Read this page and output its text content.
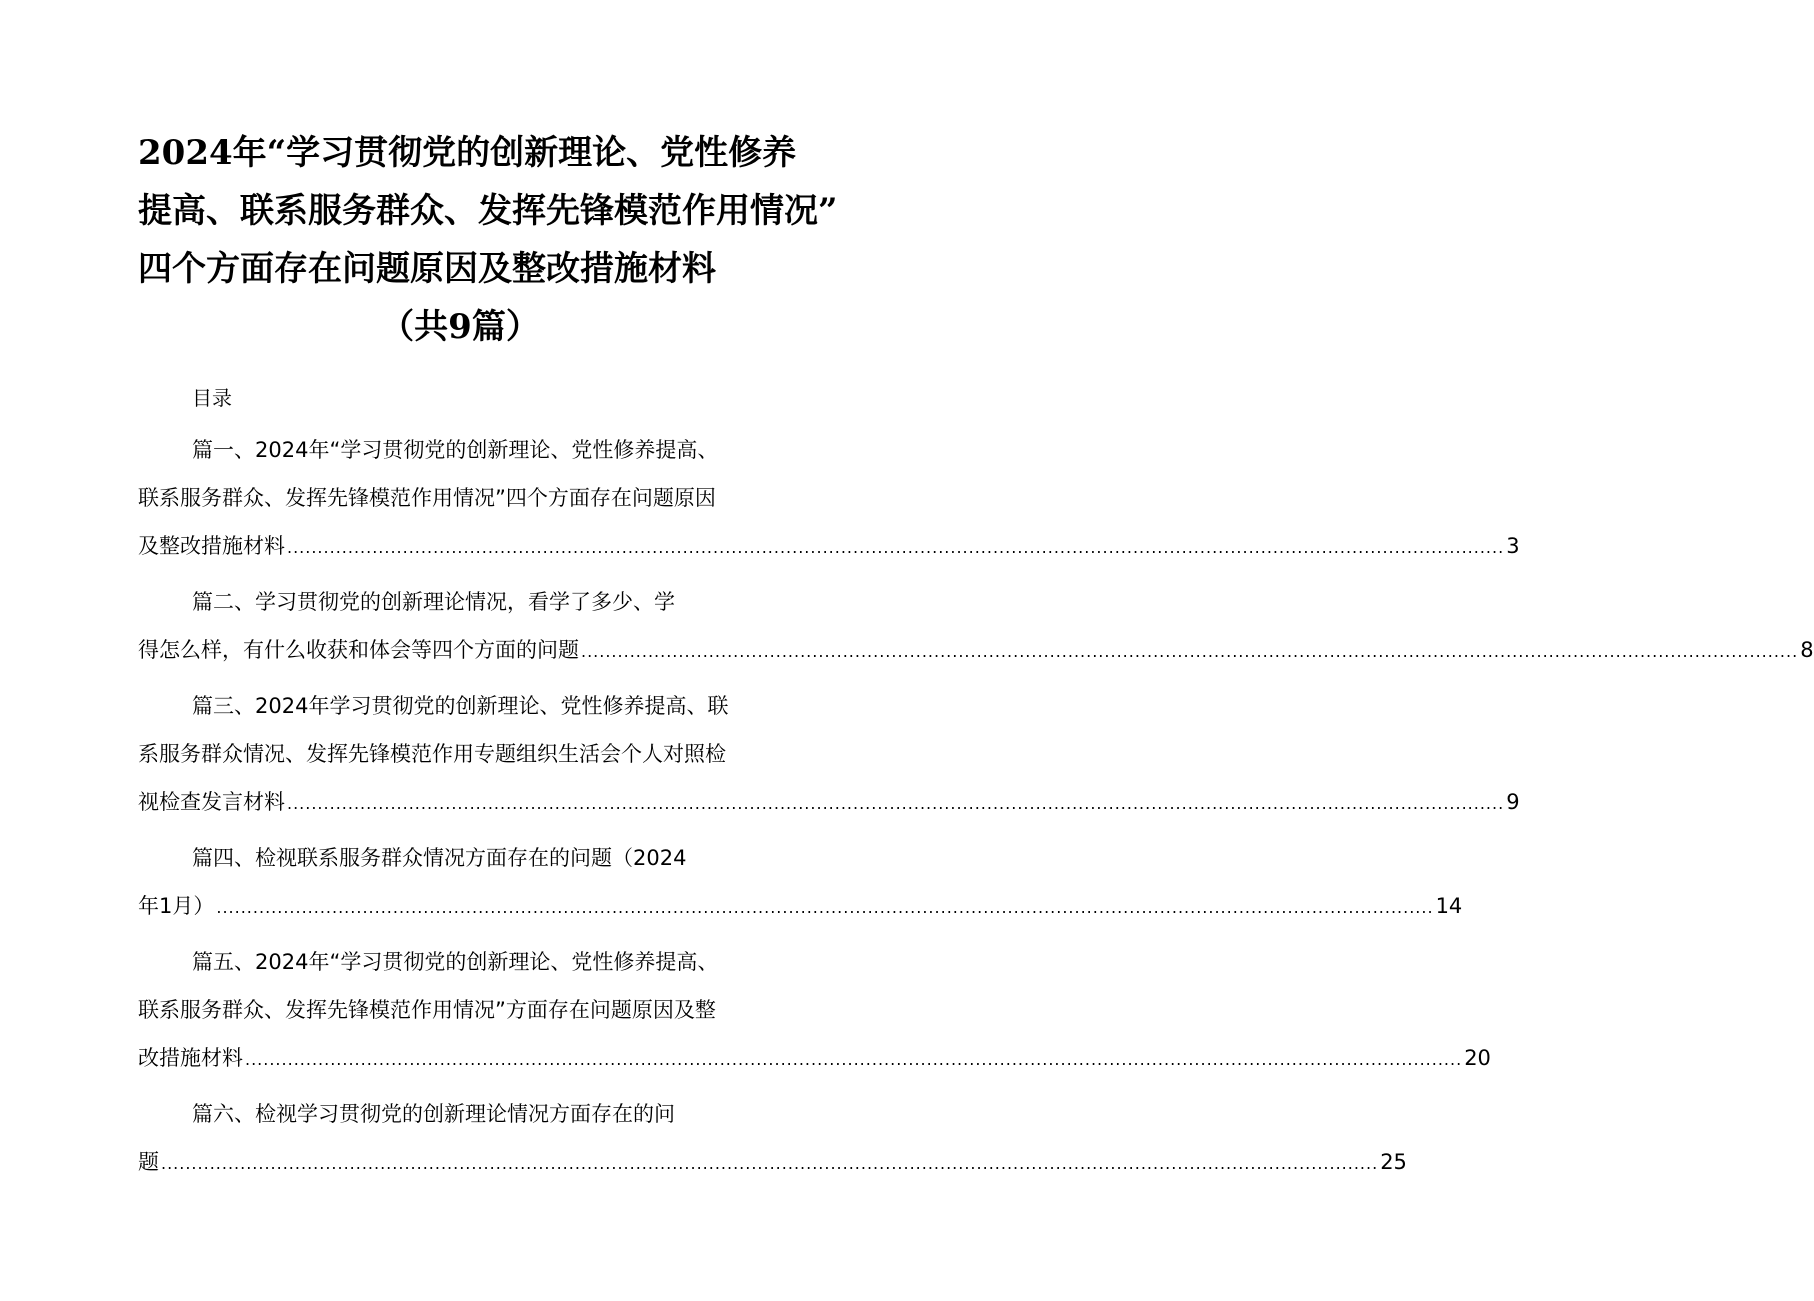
2024年“学习贯彻党的创新理论、党性修养
提高、联系服务群众、发挥先锋模范作用情况”
四个方面存在问题原因及整改措施材料
（共9篇）
目录
篇一、2024年“学习贯彻党的创新理论、党性修养提高、
联系服务群众、发挥先锋模范作用情况”四个方面存在问题原因
及整改措施材料 ........................................................................................................................................................................................................ 3
篇二、学习贯彻党的创新理论情况，看学了多少、学
得怎么样，有什么收获和体会等四个方面的问题 ........................................................................................................................................................................................................ 8
篇三、2024年学习贯彻党的创新理论、党性修养提高、联
系服务群众情况、发挥先锋模范作用专题组织生活会个人对照检
视检查发言材料 ........................................................................................................................................................................................................ 9
篇四、检视联系服务群众情况方面存在的问题（2024
年1月） ........................................................................................................................................................................................................ 14
篇五、2024年“学习贯彻党的创新理论、党性修养提高、
联系服务群众、发挥先锋模范作用情况”方面存在问题原因及整
改措施材料 ........................................................................................................................................................................................................ 20
篇六、检视学习贯彻党的创新理论情况方面存在的问
题 ........................................................................................................................................................................................................ 25
